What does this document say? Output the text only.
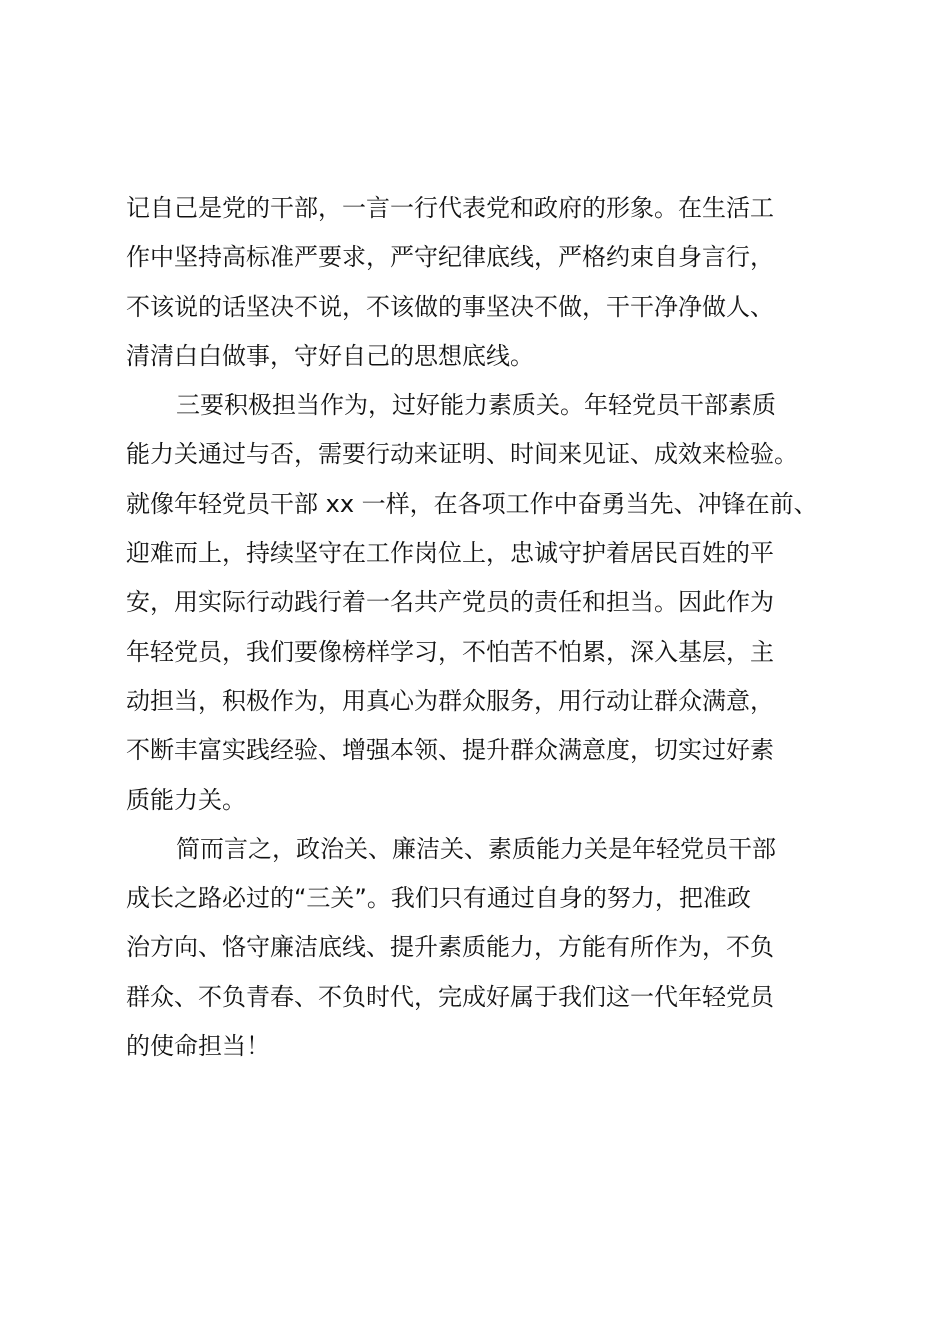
记自己是党的干部，一言一行代表党和政府的形象。在生活工
作中坚持高标准严要求，严守纪律底线，严格约束自身言行，
不该说的话坚决不说，不该做的事坚决不做，干干净净做人、
清清白白做事，守好自己的思想底线。
三要积极担当作为，过好能力素质关。年轻党员干部素质
能力关通过与否，需要行动来证明、时间来见证、成效来检验。
就像年轻党员干部 xx 一样，在各项工作中奋勇当先、冲锋在前、
迎难而上，持续坚守在工作岗位上，忠诚守护着居民百姓的平
安，用实际行动践行着一名共产党员的责任和担当。因此作为
年轻党员，我们要像榜样学习，不怕苦不怕累，深入基层，主
动担当，积极作为，用真心为群众服务，用行动让群众满意，
不断丰富实践经验、增强本领、提升群众满意度，切实过好素
质能力关。
简而言之，政治关、廉洁关、素质能力关是年轻党员干部
成长之路必过的“三关”。我们只有通过自身的努力，把准政
治方向、恪守廉洁底线、提升素质能力，方能有所作为，不负
群众、不负青春、不负时代，完成好属于我们这一代年轻党员
的使命担当！
